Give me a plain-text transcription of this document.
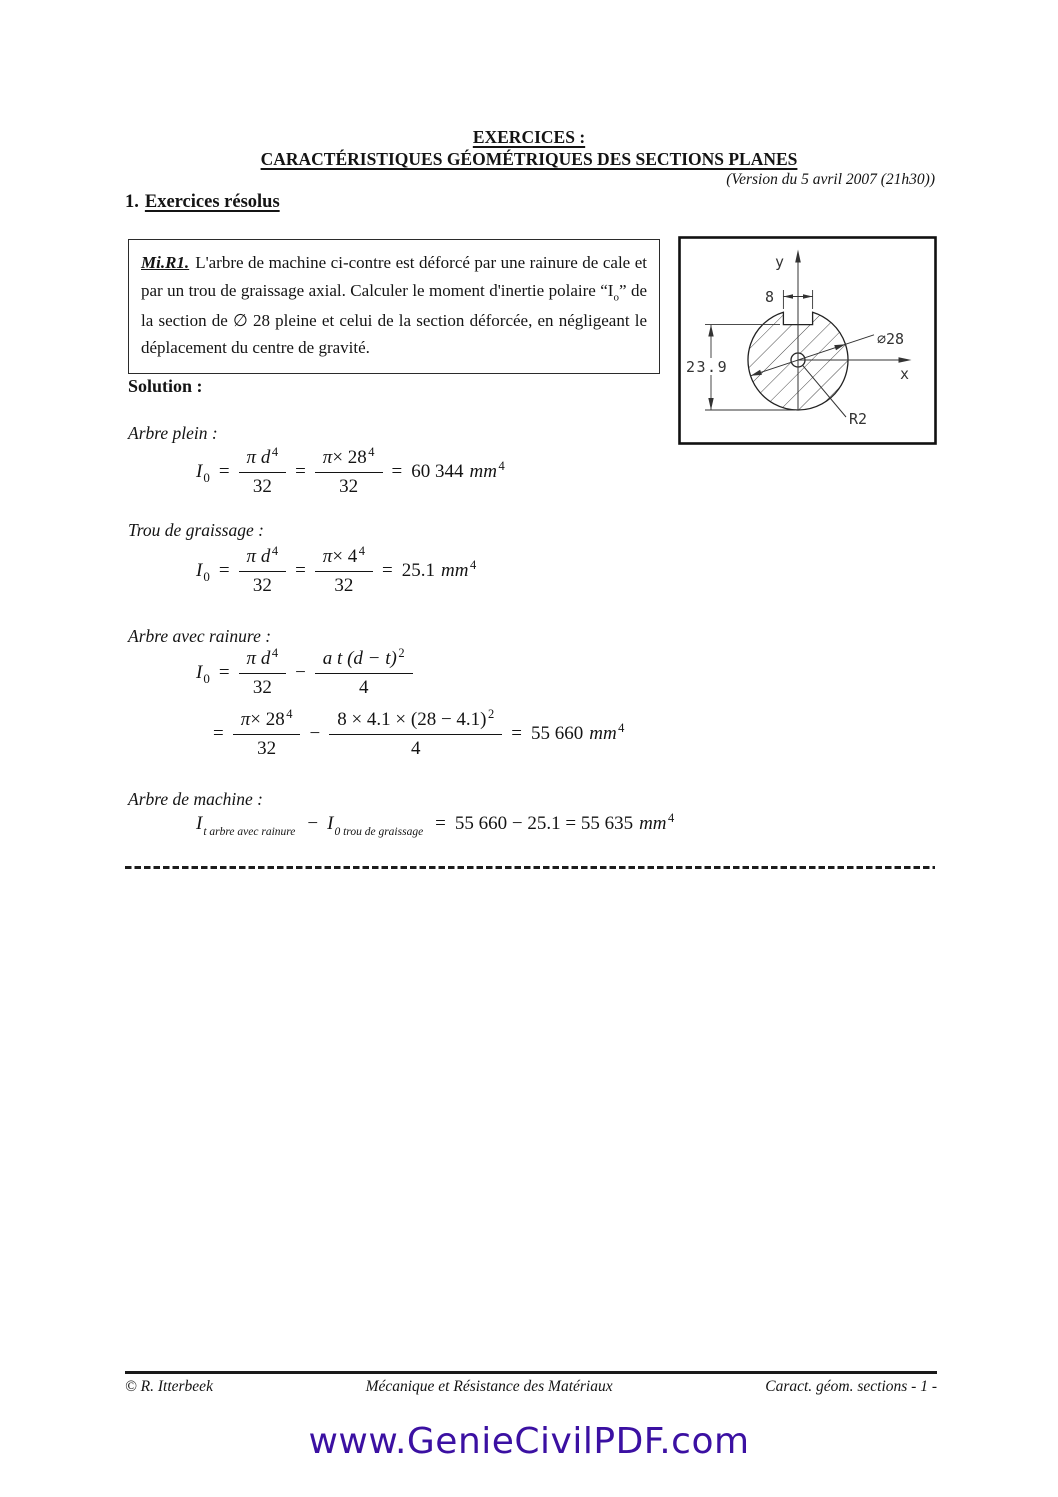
EXERCICES :
CARACTÉRISTIQUES GÉOMÉTRIQUES DES SECTIONS PLANES
(Version du 5 avril 2007 (21h30))
1. Exercices résolus
Mi.R1. L'arbre de machine ci-contre est déforcé par une rainure de cale et par un trou de graissage axial. Calculer le moment d'inertie polaire “$I_o$” de la section de ∅ 28 pleine et celui de la section déforcée, en négligeant le déplacement du centre de gravité.
y
x
8
23.9
∅28
R2
Solution :
Arbre plein :
$I0 = \frac{\text{π d 4}}{32} = \frac{\pi \times 28 4}{32} = 60$ 344 mm 4
Trou de graissage :
$I0 = \frac{\text{π d 4}}{32} = \frac{\pi \times 4 4}{32} = 25.1$ mm 4
Arbre avec rainure :
$I0 = \frac{\text{π d 4}}{32} - \frac{\text{a t (d − t) 2}}{4}$
= $\frac{\pi \times 28 4}{32} - \frac{8 \times 4.1 \times (28 - 4.1) 2}{4} = 55$ 660 mm 4
Arbre de machine :
It arbre avec rainure − I0 trou de graissage = 55 660 − 25.1 = 55 635 mm 4
© R. Itterbeek	Mécanique et Résistance des Matériaux	Caract. géom. sections - 1 -
www.GenieCivilPDF.com
